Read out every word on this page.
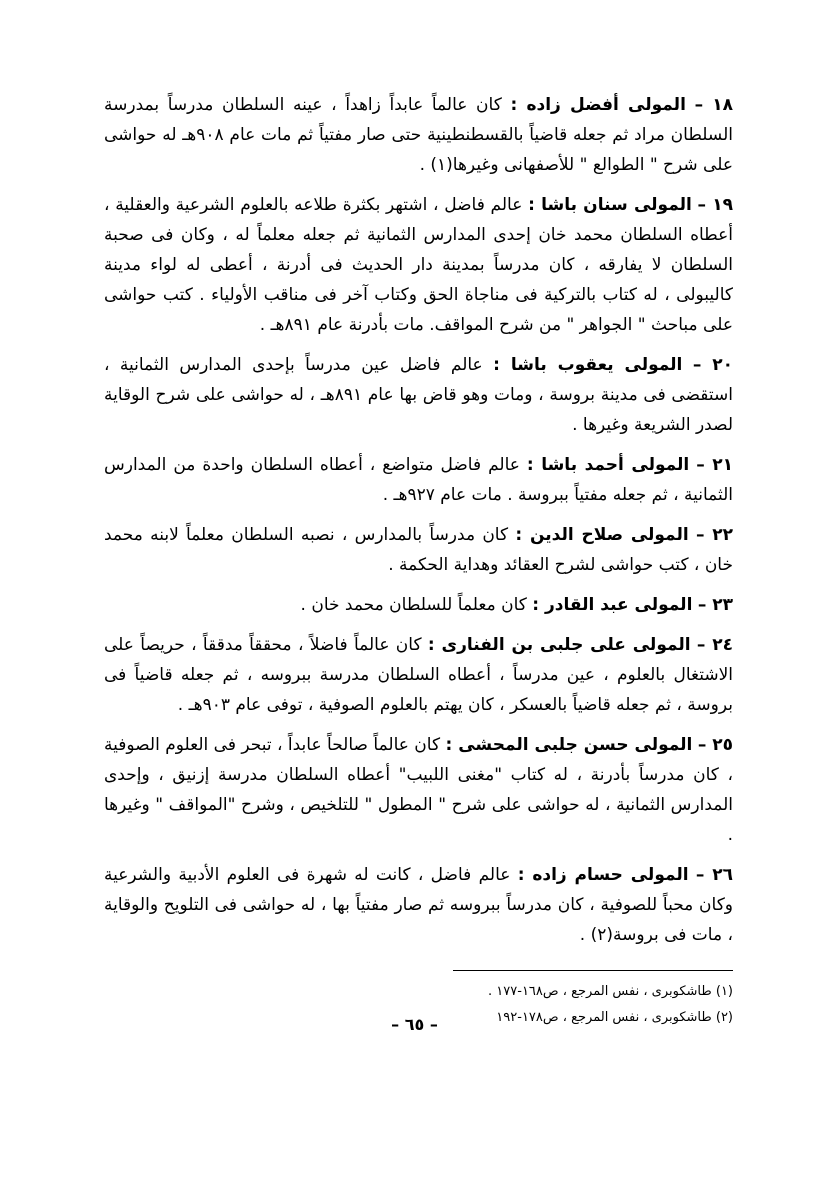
١٨ – المولى أفضل زاده : كان عالماً عابداً زاهداً ، عينه السلطان مدرساً بمدرسة السلطان مراد ثم جعله قاضياً بالقسطنطينية حتى صار مفتياً ثم مات عام ٩٠٨هـ له حواشى على شرح " الطوالع " للأصفهانى وغيرها(١) .

١٩ – المولى سنان باشا : عالم فاضل ، اشتهر بكثرة طلاعه بالعلوم الشرعية والعقلية ، أعطاه السلطان محمد خان إحدى المدارس الثمانية ثم جعله معلماً له ، وكان فى صحبة السلطان لا يفارقه ، كان مدرساً بمدينة دار الحديث فى أدرنة ، أعطى له لواء مدينة كاليبولى ، له كتاب بالتركية فى مناجاة الحق وكتاب آخر فى مناقب الأولياء . كتب حواشى على مباحث " الجواهر " من شرح المواقف. مات بأدرنة عام ٨٩١هـ .

٢٠ – المولى يعقوب باشا : عالم فاضل عين مدرساً بإحدى المدارس الثمانية ، استقضى فى مدينة بروسة ، ومات وهو قاض بها عام ٨٩١هـ ، له حواشى على شرح الوقاية لصدر الشريعة وغيرها .

٢١ – المولى أحمد باشا : عالم فاضل متواضع ، أعطاه السلطان واحدة من المدارس الثمانية ، ثم جعله مفتياً ببروسة . مات عام ٩٢٧هـ .

٢٢ – المولى صلاح الدين : كان مدرساً بالمدارس ، نصبه السلطان معلماً لابنه محمد خان ، كتب حواشى لشرح العقائد وهداية الحكمة .

٢٣ – المولى عبد القادر : كان معلماً للسلطان محمد خان .

٢٤ – المولى على جلبى بن الفنارى : كان عالماً فاضلاً ، محققاً مدققاً ، حريصاً على الاشتغال بالعلوم ، عين مدرساً ، أعطاه السلطان مدرسة ببروسه ، ثم جعله قاضياً فى بروسة ، ثم جعله قاضياً بالعسكر ، كان يهتم بالعلوم الصوفية ، توفى عام ٩٠٣هـ .

٢٥ – المولى حسن جلبى المحشى : كان عالماً صالحاً عابداً ، تبحر فى العلوم الصوفية ، كان مدرساً بأدرنة ، له كتاب "مغنى اللبيب" أعطاه السلطان مدرسة إزنيق ، وإحدى المدارس الثمانية ، له حواشى على شرح " المطول " للتلخيص ، وشرح "المواقف " وغيرها .

٢٦ – المولى حسام زاده : عالم فاضل ، كانت له شهرة فى العلوم الأدبية والشرعية وكان محباً للصوفية ، كان مدرساً ببروسه ثم صار مفتياً بها ، له حواشى فى التلويح والوقاية ، مات فى بروسة(٢) .

(١) طاشكوبرى ، نفس المرجع ، ص١٦٨-١٧٧ .
(٢) طاشكوبرى ، نفس المرجع ، ص١٧٨-١٩٢
– ٦٥ –
